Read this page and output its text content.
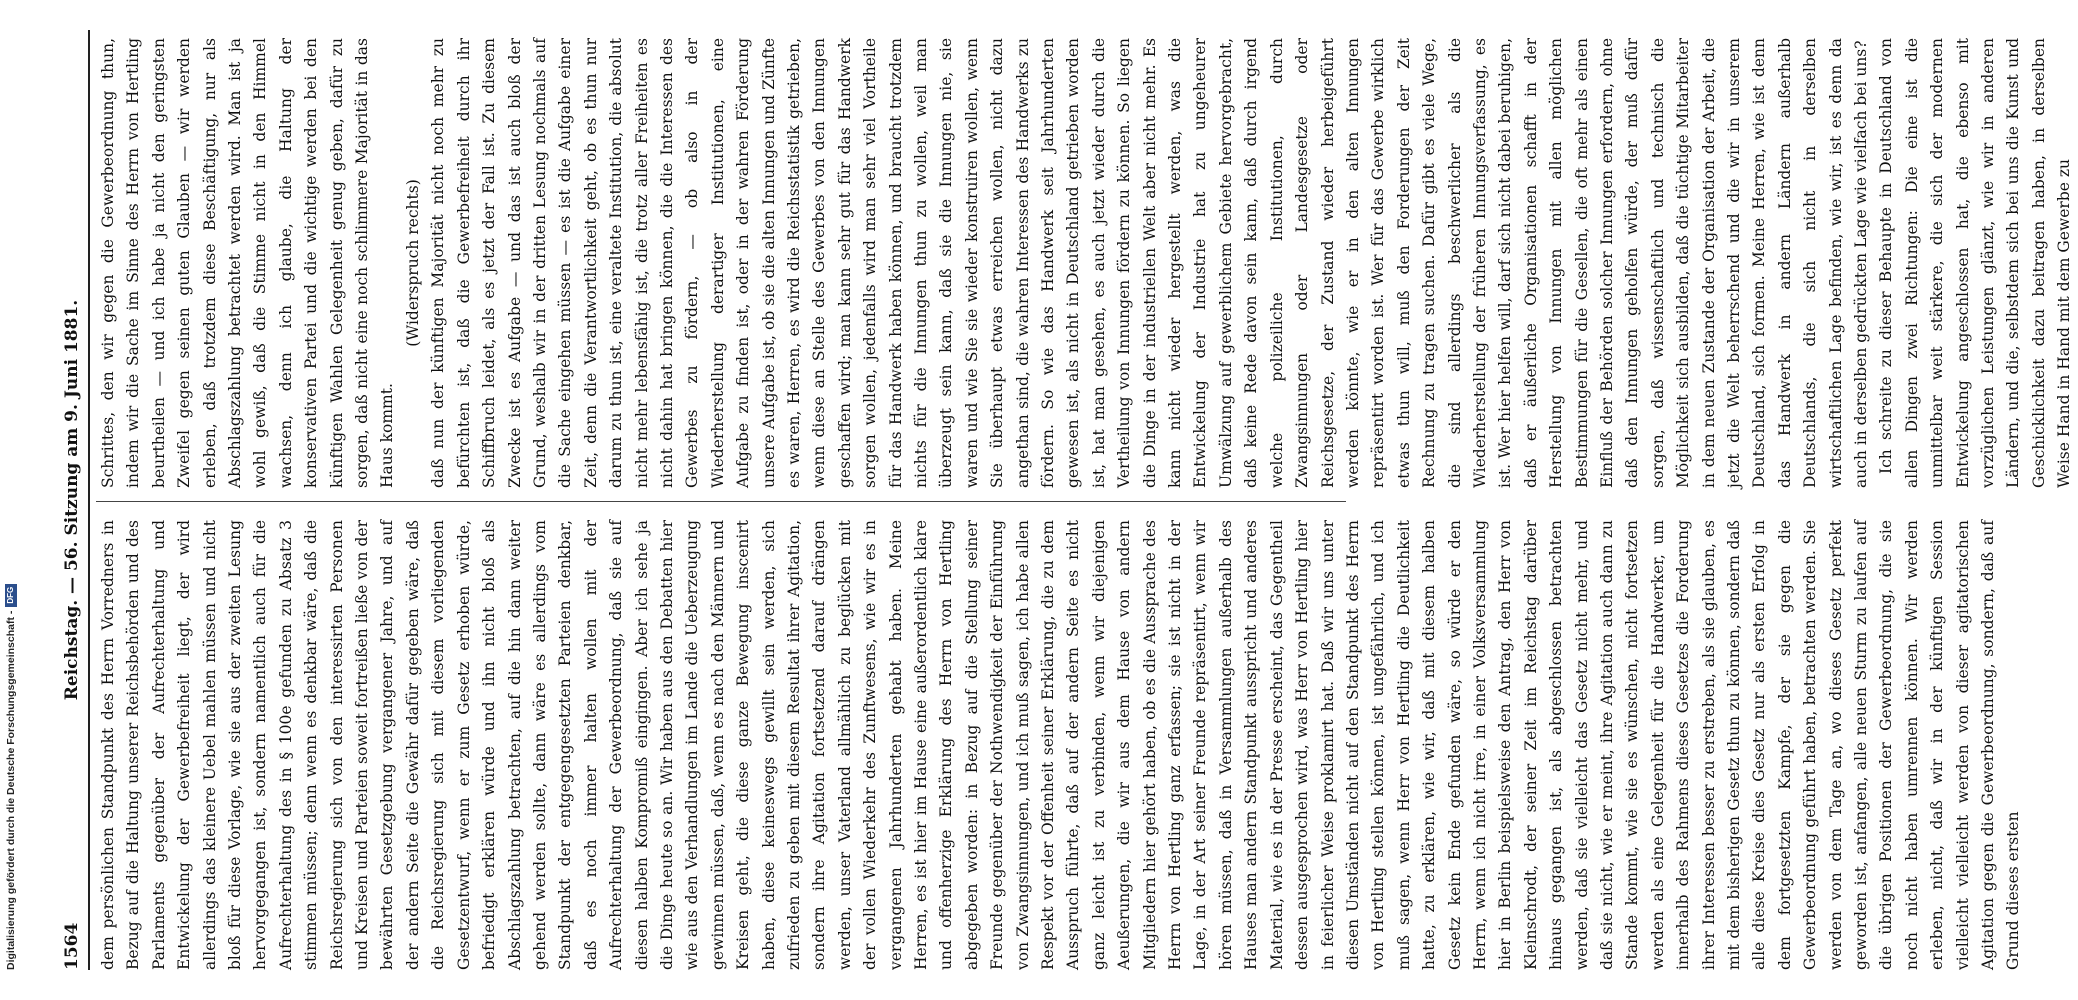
1564
Reichstag. — 56. Sitzung am 9. Juni 1881.

dem persönlichen Standpunkt des Herrn Vorredners in Bezug auf die Haltung unserer Reichsbehörden und des Parlaments gegenüber der Aufrechterhaltung und Entwickelung der Gewerbefreiheit liegt, der wird allerdings das kleinere Uebel mahlen müssen und nicht bloß für diese Vorlage, wie sie aus der zweiten Lesung hervorgegangen ist, sondern namentlich auch für die Aufrechterhaltung des in § 100e gefunden zu Absatz 3 stimmen müssen; denn wenn es denkbar wäre, daß die Reichsregierung sich von den interessirten Personen und Kreisen und Parteien soweit fortreißen ließe von der bewährten Gesetzgebung vergangener Jahre, und auf der andern Seite die Gewähr dafür gegeben wäre, daß die Reichsregierung sich mit diesem vorliegenden Gesetzentwurf, wenn er zum Gesetz erhoben würde, befriedigt erklären würde und ihn nicht bloß als Abschlagszahlung betrachten, auf die hin dann weiter gehend werden sollte, dann wäre es allerdings vom Standpunkt der entgegengesetzten Parteien denkbar, daß es noch immer halten wollen mit der Aufrechterhaltung der Gewerbeordnung, daß sie auf diesen halben Kompromiß eingingen. Aber ich sehe ja die Dinge heute so an. Wir haben aus den Debatten hier wie aus den Verhandlungen im Lande die Ueberzeugung gewinnen müssen, daß, wenn es nach den Männern und Kreisen geht, die diese ganze Bewegung inscenirt haben, diese keineswegs gewillt sein werden, sich zufrieden zu geben mit diesem Resultat ihrer Agitation, sondern ihre Agitation fortsetzend darauf drängen werden, unser Vaterland allmählich zu beglücken mit der vollen Wiederkehr des Zunftwesens, wie wir es in vergangenen Jahrhunderten gehabt haben. Meine Herren, es ist hier im Hause eine außerordentlich klare und offenherzige Erklärung des Herrn von Hertling abgegeben worden: in Bezug auf die Stellung seiner Freunde gegenüber der Nothwendigkeit der Einführung von Zwangsinnungen, und ich muß sagen, ich habe allen Respekt vor der Offenheit seiner Erklärung, die zu dem Ausspruch führte, daß auf der andern Seite es nicht ganz leicht ist zu verbinden, wenn wir diejenigen Aeußerungen, die wir aus dem Hause von andern Mitgliedern hier gehört haben, ob es die Aussprache des Herrn von Hertling ganz erfassen; sie ist nicht in der Lage, in der Art seiner Freunde repräsentirt, wenn wir hören müssen, daß in Versammlungen außerhalb des Hauses man andern Standpunkt ausspricht und anderes Material, wie es in der Presse erscheint, das Gegentheil dessen ausgesprochen wird, was Herr von Hertling hier in feierlicher Weise proklamirt hat. Daß wir uns unter diesen Umständen nicht auf den Standpunkt des Herrn von Hertling stellen können, ist ungefährlich, und ich muß sagen, wenn Herr von Hertling die Deutlichkeit hatte, zu erklären, wie wir, daß mit diesem halben Gesetz kein Ende gefunden wäre, so würde er den Herrn, wenn ich nicht irre, in einer Volksversammlung hier in Berlin beispielsweise den Antrag, den Herr von Kleinschrodt, der seiner Zeit im Reichstag darüber hinaus gegangen ist, als abgeschlossen betrachten werden, daß sie vielleicht das Gesetz nicht mehr, und daß sie nicht, wie er meint, ihre Agitation auch dann zu Stande kommt, wie sie es wünschen, nicht fortsetzen werden als eine Gelegenheit für die Handwerker, um innerhalb des Rahmens dieses Gesetzes die Forderung ihrer Interessen besser zu erstreben, als sie glauben, es mit dem bisherigen Gesetz thun zu können, sondern daß alle diese Kreise dies Gesetz nur als ersten Erfolg in dem fortgesetzten Kampfe, der sie gegen die Gewerbeordnung geführt haben, betrachten werden. Sie werden von dem Tage an, wo dieses Gesetz perfekt geworden ist, anfangen, alle neuen Sturm zu laufen auf die übrigen Positionen der Gewerbeordnung, die sie noch nicht haben umrennen können. Wir werden erleben, nicht, daß wir in der künftigen Session vielleicht vielleicht werden von dieser agitatorischen Agitation gegen die Gewerbeordnung, sondern, daß auf Grund dieses ersten

Schrittes, den wir gegen die Gewerbeordnung thun, indem wir die Sache im Sinne des Herrn von Hertling beurtheilen — und ich habe ja nicht den geringsten Zweifel gegen seinen guten Glauben — wir werden erleben, daß trotzdem diese Beschäftigung, nur als Abschlagszahlung betrachtet werden wird. Man ist ja wohl gewiß, daß die Stimme nicht in den Himmel wachsen, denn ich glaube, die Haltung der konservativen Partei und die wichtige werden bei den künftigen Wahlen Gelegenheit genug geben, dafür zu sorgen, daß nicht eine noch schlimmere Majorität in das Haus kommt.

(Widerspruch rechts) daß nun der künftigen Majorität nicht noch mehr zu befürchten ist, daß die Gewerbefreiheit durch ihr Schiffbruch leidet, als es jetzt der Fall ist. Zu diesem Zwecke ist es Aufgabe — und das ist auch bloß der Grund, weshalb wir in der dritten Lesung nochmals auf die Sache eingehen müssen — es ist die Aufgabe einer Zeit, denn die Verantwortlichkeit geht, ob es thun nur darum zu thun ist, eine veraltete Institution, die absolut nicht mehr lebensfähig ist, die trotz aller Freiheiten es nicht dahin hat bringen können, die die Interessen des Gewerbes zu fördern, — ob also in der Wiederherstellung derartiger Institutionen, eine Aufgabe zu finden ist, oder in der wahren Förderung unsere Aufgabe ist, ob sie die alten Innungen und Zünfte es waren, Herren, es wird die Reichsstatistik getrieben, wenn diese an Stelle des Gewerbes von den Innungen geschaffen wird; man kann sehr gut für das Handwerk sorgen wollen, jedenfalls wird man sehr viel Vortheile für das Handwerk haben können, und braucht trotzdem nichts für die Innungen thun zu wollen, weil man überzeugt sein kann, daß sie die Innungen nie, sie waren und wie Sie sie wieder konstruiren wollen, wenn Sie überhaupt etwas erreichen wollen, nicht dazu angethan sind, die wahren Interessen des Handwerks zu fördern. So wie das Handwerk seit Jahrhunderten gewesen ist, als nicht in Deutschland getrieben worden ist, hat man gesehen, es auch jetzt wieder durch die Vertheilung von Innungen fördern zu können. So liegen die Dinge in der industriellen Welt aber nicht mehr. Es kann nicht wieder hergestellt werden, was die Entwickelung der Industrie hat zu ungeheurer Umwälzung auf gewerblichem Gebiete hervorgebracht, daß keine Rede davon sein kann, daß durch irgend welche polizeiliche Institutionen, durch Zwangsinnungen oder Landesgesetze oder Reichsgesetze, der Zustand wieder herbeigeführt werden könnte, wie er in den alten Innungen repräsentirt worden ist. Wer für das Gewerbe wirklich etwas thun will, muß den Forderungen der Zeit Rechnung zu tragen suchen. Dafür gibt es viele Wege, die sind allerdings beschwerlicher als die Wiederherstellung der früheren Innungsverfassung, es ist. Wer hier helfen will, darf sich nicht dabei beruhigen, daß er äußerliche Organisationen schafft in der Herstellung von Innungen mit allen möglichen Bestimmungen für die Gesellen, die oft mehr als einen Einfluß der Behörden solcher Innungen erfordern, ohne daß den Innungen geholfen würde, der muß dafür sorgen, daß wissenschaftlich und technisch die Möglichkeit sich ausbilden, daß die tüchtige Mitarbeiter in dem neuen Zustande der Organisation der Arbeit, die jetzt die Welt beherrschend und die wir in unserem Deutschland, sich formen. Meine Herren, wie ist denn das Handwerk in andern Ländern außerhalb Deutschlands, die sich nicht in derselben wirtschaftlichen Lage befinden, wie wir, ist es denn da auch in derselben gedrückten Lage wie vielfach bei uns? Ich schreite zu dieser Behaupte in Deutschland von allen Dingen zwei Richtungen: Die eine ist die unmittelbar weit stärkere, die sich der modernen Entwickelung angeschlossen hat, die ebenso mit vorzüglichen Leistungen glänzt, wie wir in anderen Ländern, und die, selbstdem sich bei uns die Kunst und Geschicklichkeit dazu beitragen haben, in derselben Weise Hand in Hand mit dem Gewerbe zu

Digitalisierung gefördert durch die Deutsche Forschungsgemeinschaft -DFG
